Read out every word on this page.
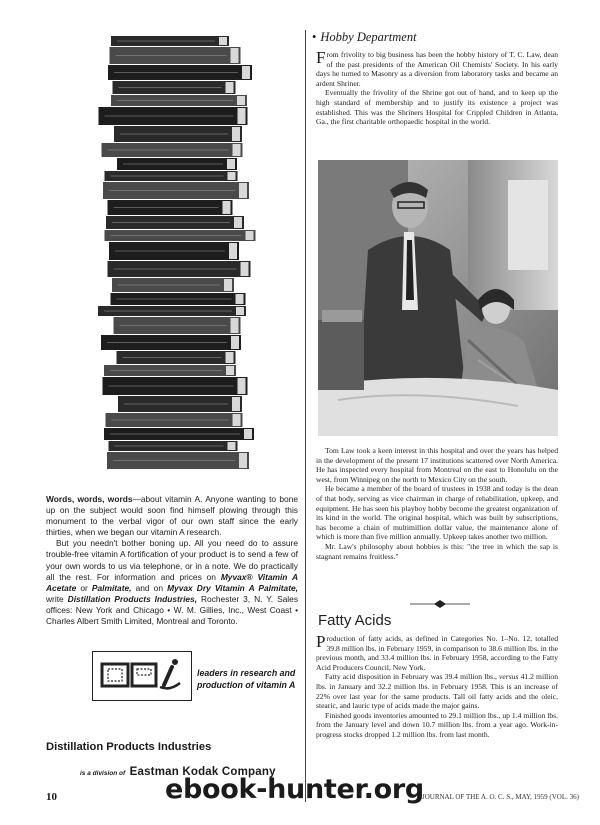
Words, words, words—about vitamin A. Anyone wanting to bone up on the subject would soon find himself plowing through this monument to the verbal vigor of our own staff since the early thirties, when we began our vitamin A research.

But you needn't bother boning up. All you need do to assure trouble-free vitamin A fortification of your product is to send a few of your own words to us via telephone, or in a note. We do practically all the rest. For information and prices on Myvax® Vitamin A Acetate or Palmitate, and on Myvax Dry Vitamin A Palmitate, write Distillation Products Industries, Rochester 3, N. Y. Sales offices: New York and Chicago • W. M. Gillies, Inc., West Coast • Charles Albert Smith Limited, Montreal and Toronto.

leaders in research and
production of vitamin A
Distillation Products Industries
is a division of Eastman Kodak Company
10
• Hobby Department

From frivolity to big business has been the hobby history of T. C. Law, dean of the past presidents of the American Oil Chemists' Society. In his early days he turned to Masonry as a diversion from laboratory tasks and became an ardent Shriner.

Eventually the frivolity of the Shrine got out of hand, and to keep up the high standard of membership and to justify its existence a project was established. This was the Shriners Hospital for Crippled Children in Atlanta, Ga., the first charitable orthopaedic hospital in the world.

Tom Law took a keen interest in this hospital and over the years has helped in the development of the present 17 institutions scattered over North America. He has inspected every hospital from Montreal on the east to Honolulu on the west, from Winnipeg on the north to Mexico City on the south.

He became a member of the board of trustees in 1938 and today is the dean of that body, serving as vice chairman in charge of rehabilitation, upkeep, and equipment. He has seen his playboy hobby become the greatest organization of its kind in the world. The original hospital, which was built by subscriptions, has become a chain of multimillion dollar value, the maintenance alone of which is more than five million annually. Upkeep takes another two million.

Mr. Law's philosophy about hobbies is this: "the tree in which the sap is stagnant remains fruitless."

Fatty Acids

Production of fatty acids, as defined in Categories No. 1–No. 12, totalled 39.8 million lbs. in February 1959, in comparison to 38.6 million lbs. in the previous month, and 33.4 million lbs. in February 1958, according to the Fatty Acid Producers Council, New York.

Fatty acid disposition in February was 39.4 million lbs., versus 41.2 million lbs. in January and 32.2 million lbs. in February 1958. This is an increase of 22% over last year for the same products. Tall oil fatty acids and the oleic, stearic, and lauric type of acids made the major gains.

Finished goods inventories amounted to 29.1 million lbs., up 1.4 million lbs. from the January level and down 10.7 million lbs. from a year ago. Work-in-progress stocks dropped 1.2 million lbs. from last month.

JOURNAL OF THE A. O. C. S., MAY, 1959 (VOL. 36)
ebook-hunter.org
